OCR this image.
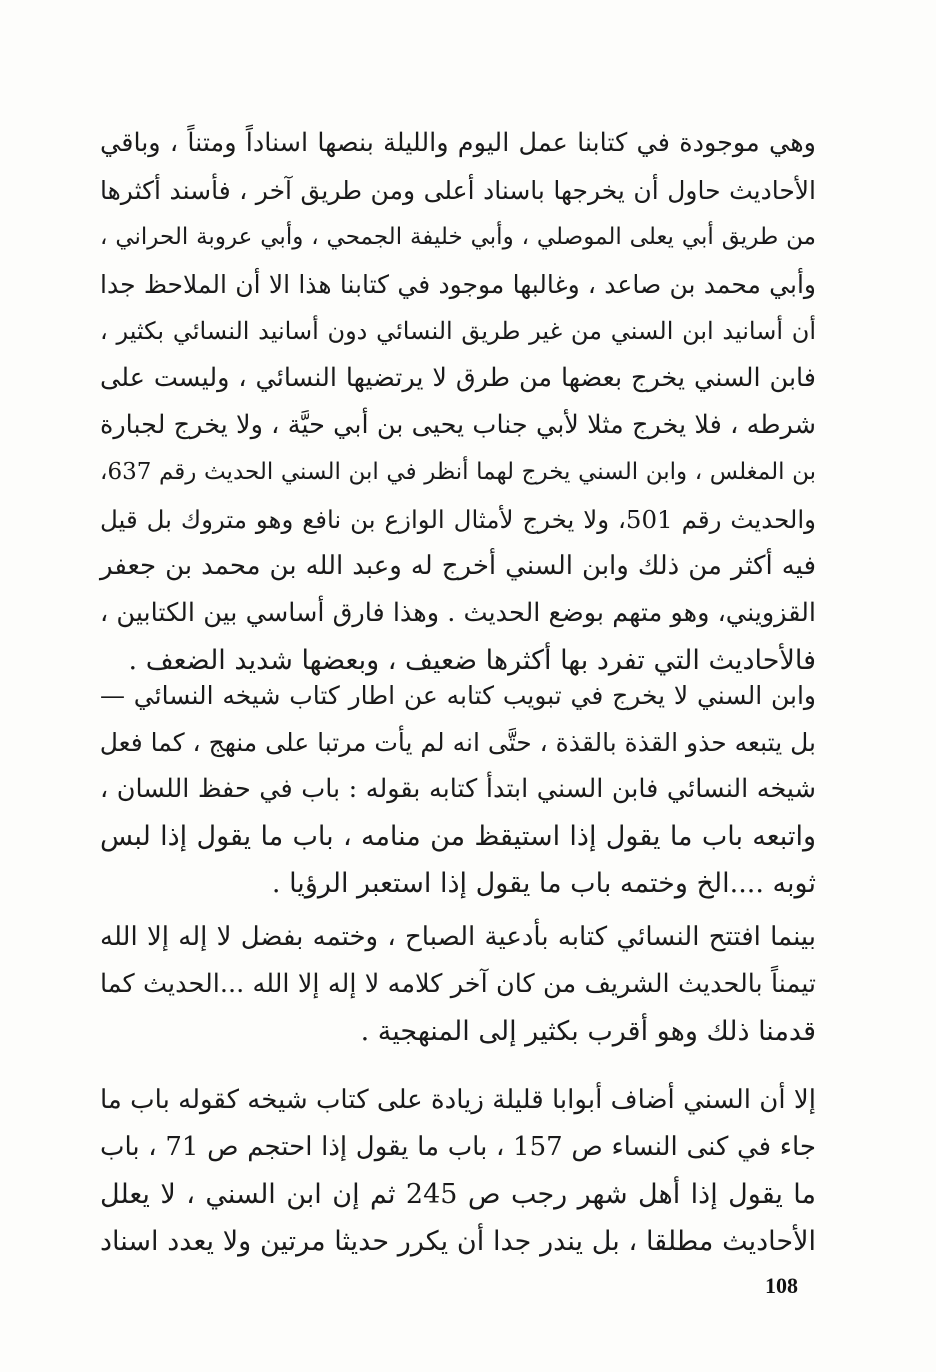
وهي موجودة في كتابنا عمل اليوم والليلة بنصها اسناداً ومتناً ، وباقي
الأحاديث حاول أن يخرجها باسناد أعلى ومن طريق آخر ، فأسند أكثرها
من طريق أبي يعلى الموصلي ، وأبي خليفة الجمحي ، وأبي عروبة الحراني ،
وأبي محمد بن صاعد ، وغالبها موجود في كتابنا هذا الا أن الملاحظ جدا
أن أسانيد ابن السني من غير طريق النسائي دون أسانيد النسائي بكثير ،
فابن السني يخرج بعضها من طرق لا يرتضيها النسائي ، وليست على
شرطه ، فلا يخرج مثلا لأبي جناب يحيى بن أبي حيَّة ، ولا يخرج لجبارة
بن المغلس ، وابن السني يخرج لهما أنظر في ابن السني الحديث رقم 637،
والحديث رقم 501، ولا يخرج لأمثال الوازع بن نافع وهو متروك بل قيل
فيه أكثر من ذلك وابن السني أخرج له وعبد الله بن محمد بن جعفر
القزويني، وهو متهم بوضع الحديث . وهذا فارق أساسي بين الكتابين ،
فالأحاديث التي تفرد بها أكثرها ضعيف ، وبعضها شديد الضعف .
وابن السني لا يخرج في تبويب كتابه عن اطار كتاب شيخه النسائي —
بل يتبعه حذو القذة بالقذة ، حتَّى انه لم يأت مرتبا على منهج ، كما فعل
شيخه النسائي فابن السني ابتدأ كتابه بقوله : باب في حفظ اللسان ،
واتبعه باب ما يقول إذا استيقظ من منامه ، باب ما يقول إذا لبس
ثوبه ....الخ وختمه باب ما يقول إذا استعبر الرؤيا .
بينما افتتح النسائي كتابه بأدعية الصباح ، وختمه بفضل لا إله إلا الله
تيمناً بالحديث الشريف من كان آخر كلامه لا إله إلا الله ...الحديث كما
قدمنا ذلك وهو أقرب بكثير إلى المنهجية .
إلا أن السني أضاف أبوابا قليلة زيادة على كتاب شيخه كقوله باب ما
جاء في كنى النساء ص 157 ، باب ما يقول إذا احتجم ص 71 ، باب
ما يقول إذا أهل شهر رجب ص 245 ثم إن ابن السني ، لا يعلل
الأحاديث مطلقا ، بل يندر جدا أن يكرر حديثا مرتين ولا يعدد اسناد
108
